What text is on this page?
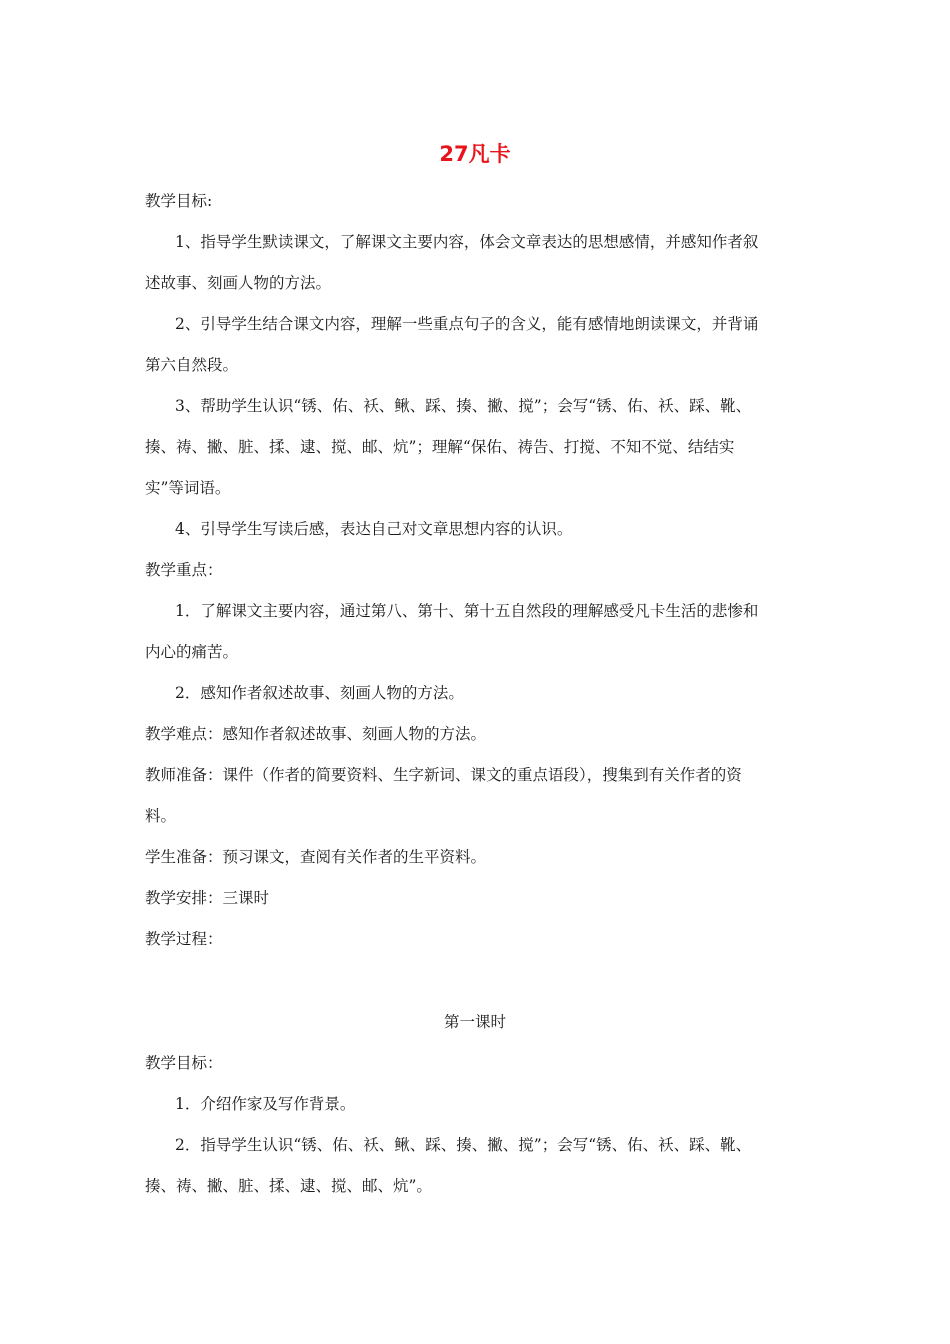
27凡卡
教学目标:
1、指导学生默读课文，了解课文主要内容，体会文章表达的思想感情，并感知作者叙
述故事、刻画人物的方法。
2、引导学生结合课文内容，理解一些重点句子的含义，能有感情地朗读课文，并背诵
第六自然段。
3、帮助学生认识“锈、佑、袄、鳅、踩、揍、撇、搅”；会写“锈、佑、袄、踩、靴、
揍、祷、撇、脏、揉、逮、搅、邮、炕”；理解“保佑、祷告、打搅、不知不觉、结结实
实”等词语。
4、引导学生写读后感，表达自己对文章思想内容的认识。
教学重点：
1．了解课文主要内容，通过第八、第十、第十五自然段的理解感受凡卡生活的悲惨和
内心的痛苦。
2．感知作者叙述故事、刻画人物的方法。
教学难点：感知作者叙述故事、刻画人物的方法。
教师准备：课件（作者的简要资料、生字新词、课文的重点语段），搜集到有关作者的资
料。
学生准备：预习课文，查阅有关作者的生平资料。
教学安排：三课时
教学过程：
第一课时
教学目标：
1．介绍作家及写作背景。
2．指导学生认识“锈、佑、袄、鳅、踩、揍、撇、搅”；会写“锈、佑、袄、踩、靴、
揍、祷、撇、脏、揉、逮、搅、邮、炕”。
